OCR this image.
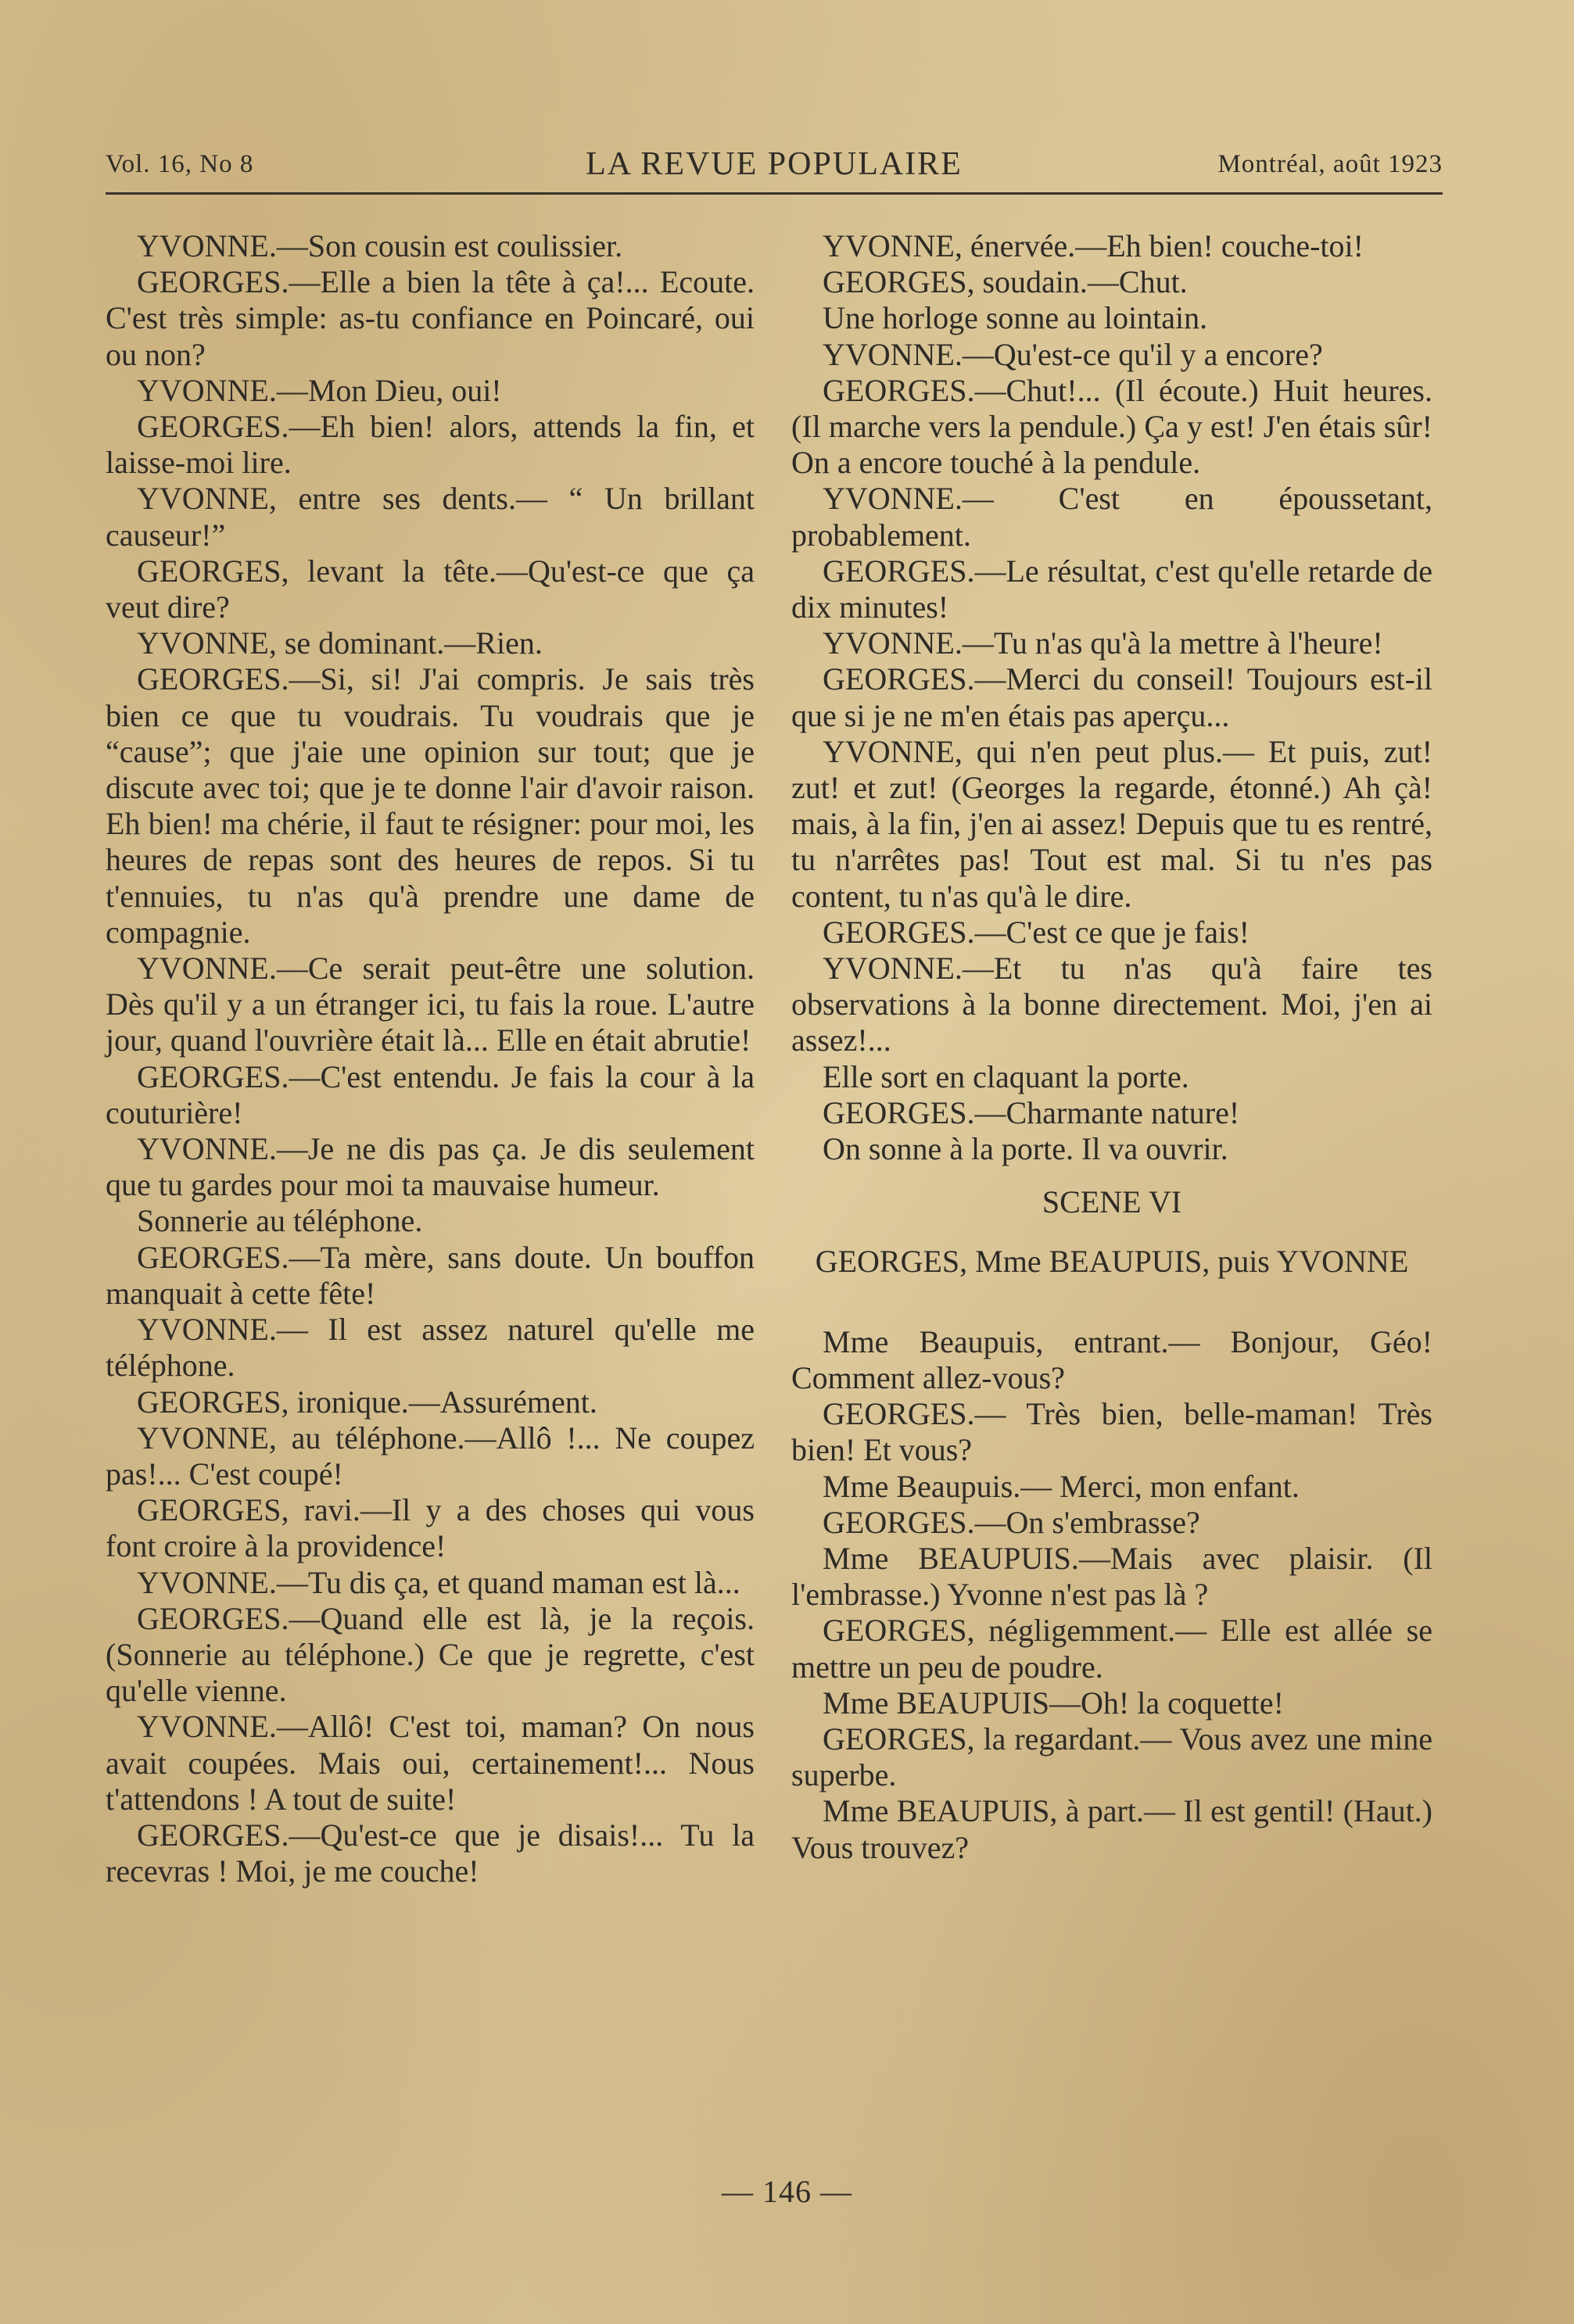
Vol. 16, No 8	LA REVUE POPULAIRE	Montréal, août 1923

YVONNE.—Son cousin est coulissier.

GEORGES.—Elle a bien la tête à ça!... Ecoute. C'est très simple: as-tu confiance en Poincaré, oui ou non?

YVONNE.—Mon Dieu, oui!

GEORGES.—Eh bien! alors, attends la fin, et laisse-moi lire.

YVONNE, entre ses dents.— “ Un brillant causeur!”

GEORGES, levant la tête.—Qu'est-ce que ça veut dire?

YVONNE, se dominant.—Rien.

GEORGES.—Si, si! J'ai compris. Je sais très bien ce que tu voudrais. Tu voudrais que je “cause”; que j'aie une opinion sur tout; que je discute avec toi; que je te donne l'air d'avoir raison. Eh bien! ma chérie, il faut te résigner: pour moi, les heures de repas sont des heures de repos. Si tu t'ennuies, tu n'as qu'à prendre une dame de compagnie.

YVONNE.—Ce serait peut-être une solution. Dès qu'il y a un étranger ici, tu fais la roue. L'autre jour, quand l'ouvrière était là... Elle en était abrutie!

GEORGES.—C'est entendu. Je fais la cour à la couturière!

YVONNE.—Je ne dis pas ça. Je dis seulement que tu gardes pour moi ta mauvaise humeur.

Sonnerie au téléphone.

GEORGES.—Ta mère, sans doute. Un bouffon manquait à cette fête!

YVONNE.— Il est assez naturel qu'elle me téléphone.

GEORGES, ironique.—Assurément.

YVONNE, au téléphone.—Allô !... Ne coupez pas!... C'est coupé!

GEORGES, ravi.—Il y a des choses qui vous font croire à la providence!

YVONNE.—Tu dis ça, et quand maman est là...

GEORGES.—Quand elle est là, je la reçois. (Sonnerie au téléphone.) Ce que je regrette, c'est qu'elle vienne.

YVONNE.—Allô! C'est toi, maman? On nous avait coupées. Mais oui, certainement!... Nous t'attendons ! A tout de suite!

GEORGES.—Qu'est-ce que je disais!... Tu la recevras ! Moi, je me couche!

YVONNE, énervée.—Eh bien! couche-toi!

GEORGES, soudain.—Chut.

Une horloge sonne au lointain.

YVONNE.—Qu'est-ce qu'il y a encore?

GEORGES.—Chut!... (Il écoute.) Huit heures. (Il marche vers la pendule.) Ça y est! J'en étais sûr! On a encore touché à la pendule.

YVONNE.— C'est en époussetant, probablement.

GEORGES.—Le résultat, c'est qu'elle retarde de dix minutes!

YVONNE.—Tu n'as qu'à la mettre à l'heure!

GEORGES.—Merci du conseil! Toujours est-il que si je ne m'en étais pas aperçu...

YVONNE, qui n'en peut plus.— Et puis, zut! zut! et zut! (Georges la regarde, étonné.) Ah çà! mais, à la fin, j'en ai assez! Depuis que tu es rentré, tu n'arrêtes pas! Tout est mal. Si tu n'es pas content, tu n'as qu'à le dire.

GEORGES.—C'est ce que je fais!

YVONNE.—Et tu n'as qu'à faire tes observations à la bonne directement. Moi, j'en ai assez!...

Elle sort en claquant la porte.

GEORGES.—Charmante nature!

On sonne à la porte. Il va ouvrir.

SCENE VI

GEORGES, Mme BEAUPUIS, puis YVONNE

Mme Beaupuis, entrant.— Bonjour, Géo! Comment allez-vous?

GEORGES.— Très bien, belle-maman! Très bien! Et vous?

Mme Beaupuis.— Merci, mon enfant.

GEORGES.—On s'embrasse?

Mme BEAUPUIS.—Mais avec plaisir. (Il l'embrasse.) Yvonne n'est pas là ?

GEORGES, négligemment.— Elle est allée se mettre un peu de poudre.

Mme BEAUPUIS—Oh! la coquette!

GEORGES, la regardant.— Vous avez une mine superbe.

Mme BEAUPUIS, à part.— Il est gentil! (Haut.) Vous trouvez?

— 146 —
